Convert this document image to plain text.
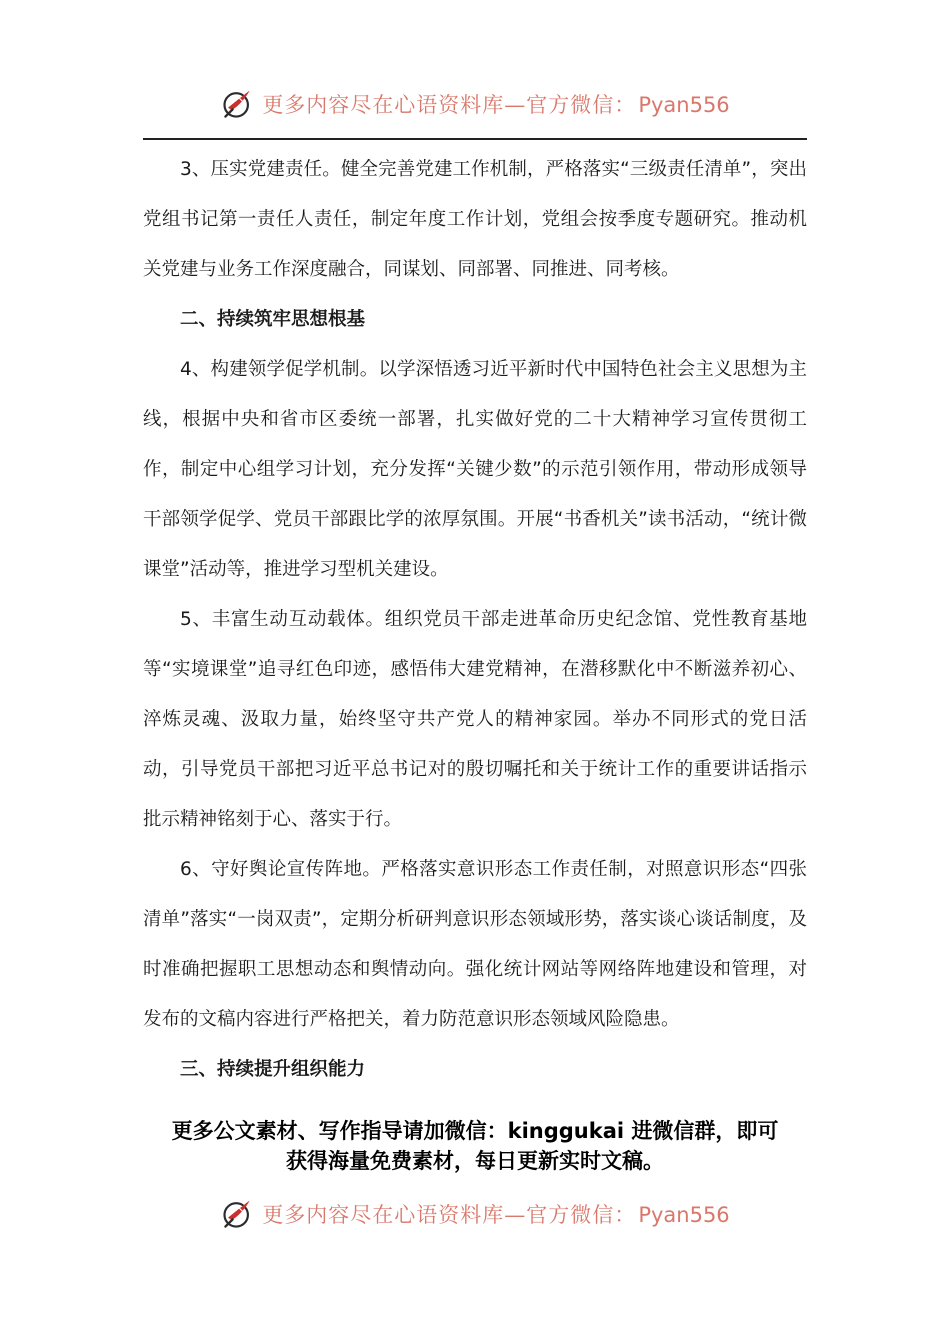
更多内容尽在心语资料库—官方微信：Pyan556

3、压实党建责任。健全完善党建工作机制，严格落实“三级责任清单”，突出党组书记第一责任人责任，制定年度工作计划，党组会按季度专题研究。推动机关党建与业务工作深度融合，同谋划、同部署、同推进、同考核。

二、持续筑牢思想根基

4、构建领学促学机制。以学深悟透习近平新时代中国特色社会主义思想为主线，根据中央和省市区委统一部署，扎实做好党的二十大精神学习宣传贯彻工作，制定中心组学习计划，充分发挥“关键少数”的示范引领作用，带动形成领导干部领学促学、党员干部跟比学的浓厚氛围。开展“书香机关”读书活动，“统计微课堂”活动等，推进学习型机关建设。

5、丰富生动互动载体。组织党员干部走进革命历史纪念馆、党性教育基地等“实境课堂”追寻红色印迹，感悟伟大建党精神，在潜移默化中不断滋养初心、淬炼灵魂、汲取力量，始终坚守共产党人的精神家园。举办不同形式的党日活动，引导党员干部把习近平总书记对的殷切嘱托和关于统计工作的重要讲话指示批示精神铭刻于心、落实于行。

6、守好舆论宣传阵地。严格落实意识形态工作责任制，对照意识形态“四张清单”落实“一岗双责”，定期分析研判意识形态领域形势，落实谈心谈话制度，及时准确把握职工思想动态和舆情动向。强化统计网站等网络阵地建设和管理，对发布的文稿内容进行严格把关，着力防范意识形态领域风险隐患。

三、持续提升组织能力

更多公文素材、写作指导请加微信：kinggukai 进微信群，即可
获得海量免费素材，每日更新实时文稿。
更多内容尽在心语资料库—官方微信：Pyan556
